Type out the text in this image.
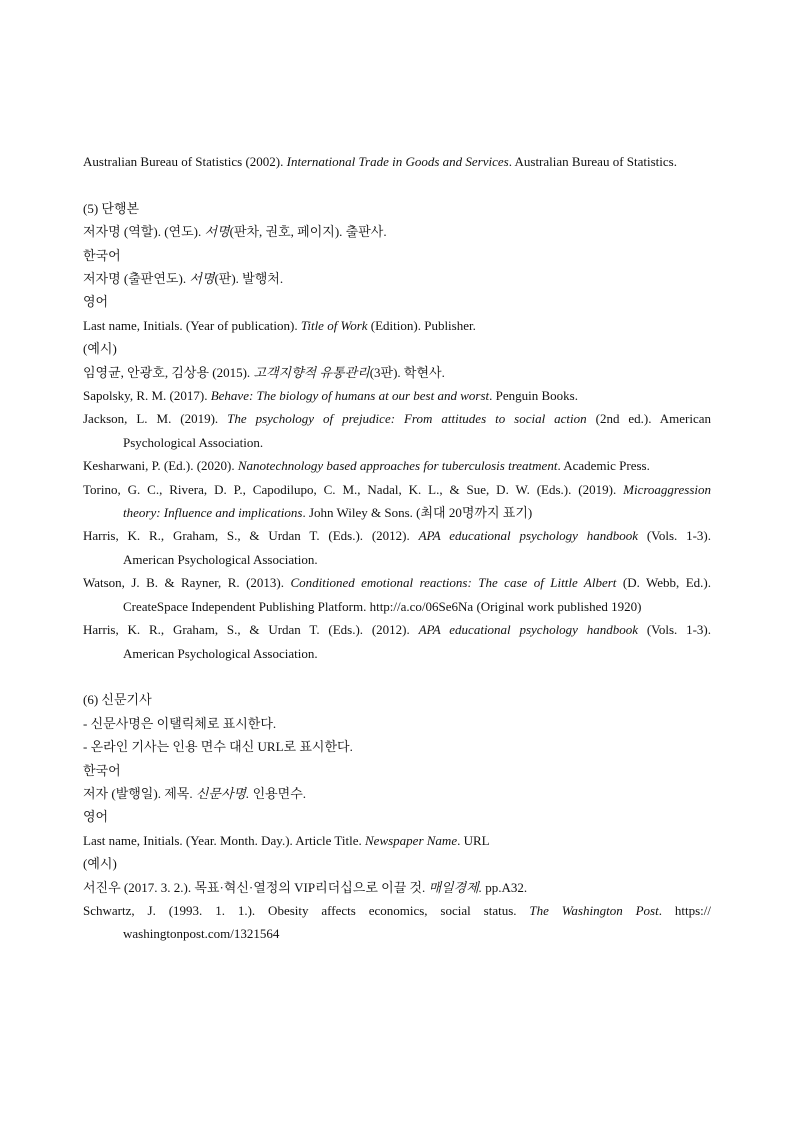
Australian Bureau of Statistics (2002). International Trade in Goods and Services. Australian Bureau of Statistics.
(5) 단행본
저자명 (역할). (연도). 서명(판차, 권호, 페이지). 출판사.
한국어
저자명 (출판연도). 서명(판). 발행처.
영어
Last name, Initials. (Year of publication). Title of Work (Edition). Publisher.
(예시)
임영균, 안광호, 김상용 (2015). 고객지향적 유통관리(3판). 학현사.
Sapolsky, R. M. (2017). Behave: The biology of humans at our best and worst. Penguin Books.
Jackson, L. M. (2019). The psychology of prejudice: From attitudes to social action (2nd ed.). American
Psychological Association.
Kesharwani, P. (Ed.). (2020). Nanotechnology based approaches for tuberculosis treatment. Academic Press.
Torino, G. C., Rivera, D. P., Capodilupo, C. M., Nadal, K. L., & Sue, D. W. (Eds.). (2019). Microaggression
theory: Influence and implications. John Wiley & Sons. (최대 20명까지 표기)
Harris, K. R., Graham, S., & Urdan T. (Eds.). (2012). APA educational psychology handbook (Vols. 1-3).
American Psychological Association.
Watson, J. B. & Rayner, R. (2013). Conditioned emotional reactions: The case of Little Albert (D. Webb, Ed.).
CreateSpace Independent Publishing Platform. http://a.co/06Se6Na (Original work published 1920)
Harris, K. R., Graham, S., & Urdan T. (Eds.). (2012). APA educational psychology handbook (Vols. 1-3).
American Psychological Association.
(6) 신문기사
- 신문사명은 이탤릭체로 표시한다.
- 온라인 기사는 인용 면수 대신 URL로 표시한다.
한국어
저자 (발행일). 제목. 신문사명. 인용면수.
영어
Last name, Initials. (Year. Month. Day.). Article Title. Newspaper Name. URL
(예시)
서진우 (2017. 3. 2.). 목표·혁신·열정의 VIP리더십으로 이끌 것. 매일경제. pp.A32.
Schwartz, J. (1993. 1. 1.). Obesity affects economics, social status. The Washington Post. https://
washingtonpost.com/1321564
